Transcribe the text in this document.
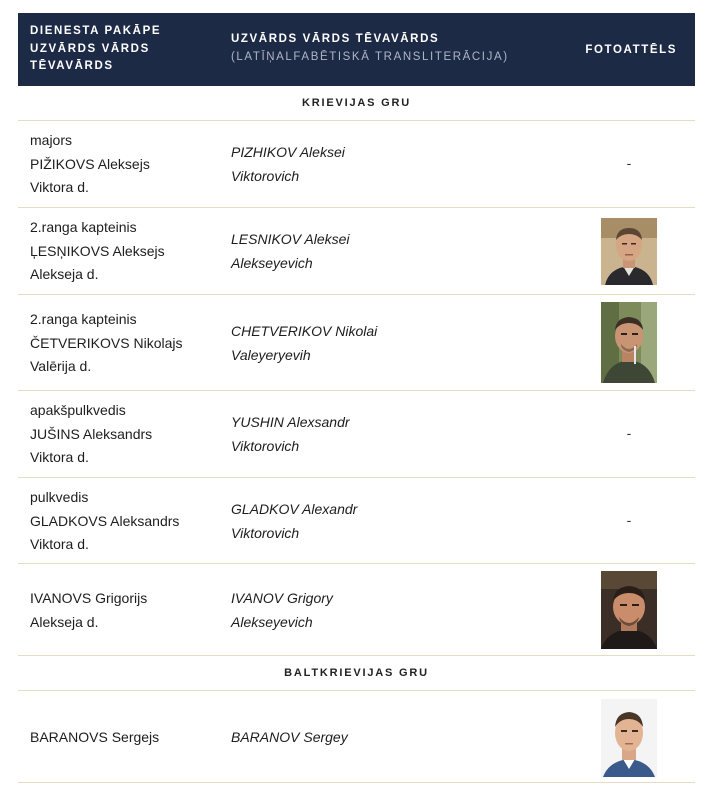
DIENESTA PAKĀPE
UZVĀRDS VĀRDS
TĒVAVĀRDS
UZVĀRDS VĀRDS TĒVAVĀRDS
(LATĪŅALFABĒTISKĀ TRANSLITERĀCIJA)
FOTOATTĒLS
KRIEVIJAS GRU
majors
PIŽIKOVS Aleksejs
Viktora d.
PIZHIKOV Aleksei
Viktorovich
-
2.ranga kapteinis
ĻESŅIKOVS Aleksejs
Alekseja d.
LESNIKOV Aleksei
Alekseyevich
2.ranga kapteinis
ČETVERIKOVS Nikolajs
Valērija d.
CHETVERIKOV Nikolai
Valeyeryevih
apakšpulkvedis
JUŠINS Aleksandrs
Viktora d.
YUSHIN Alexsandr
Viktorovich
-
pulkvedis
GLADKOVS Aleksandrs
Viktora d.
GLADKOV Alexandr
Viktorovich
-
IVANOVS Grigorijs
Alekseja d.
IVANOV Grigory
Alekseyevich
BALTKRIEVIJAS GRU
BARANOVS Sergejs	BARANOV Sergey
